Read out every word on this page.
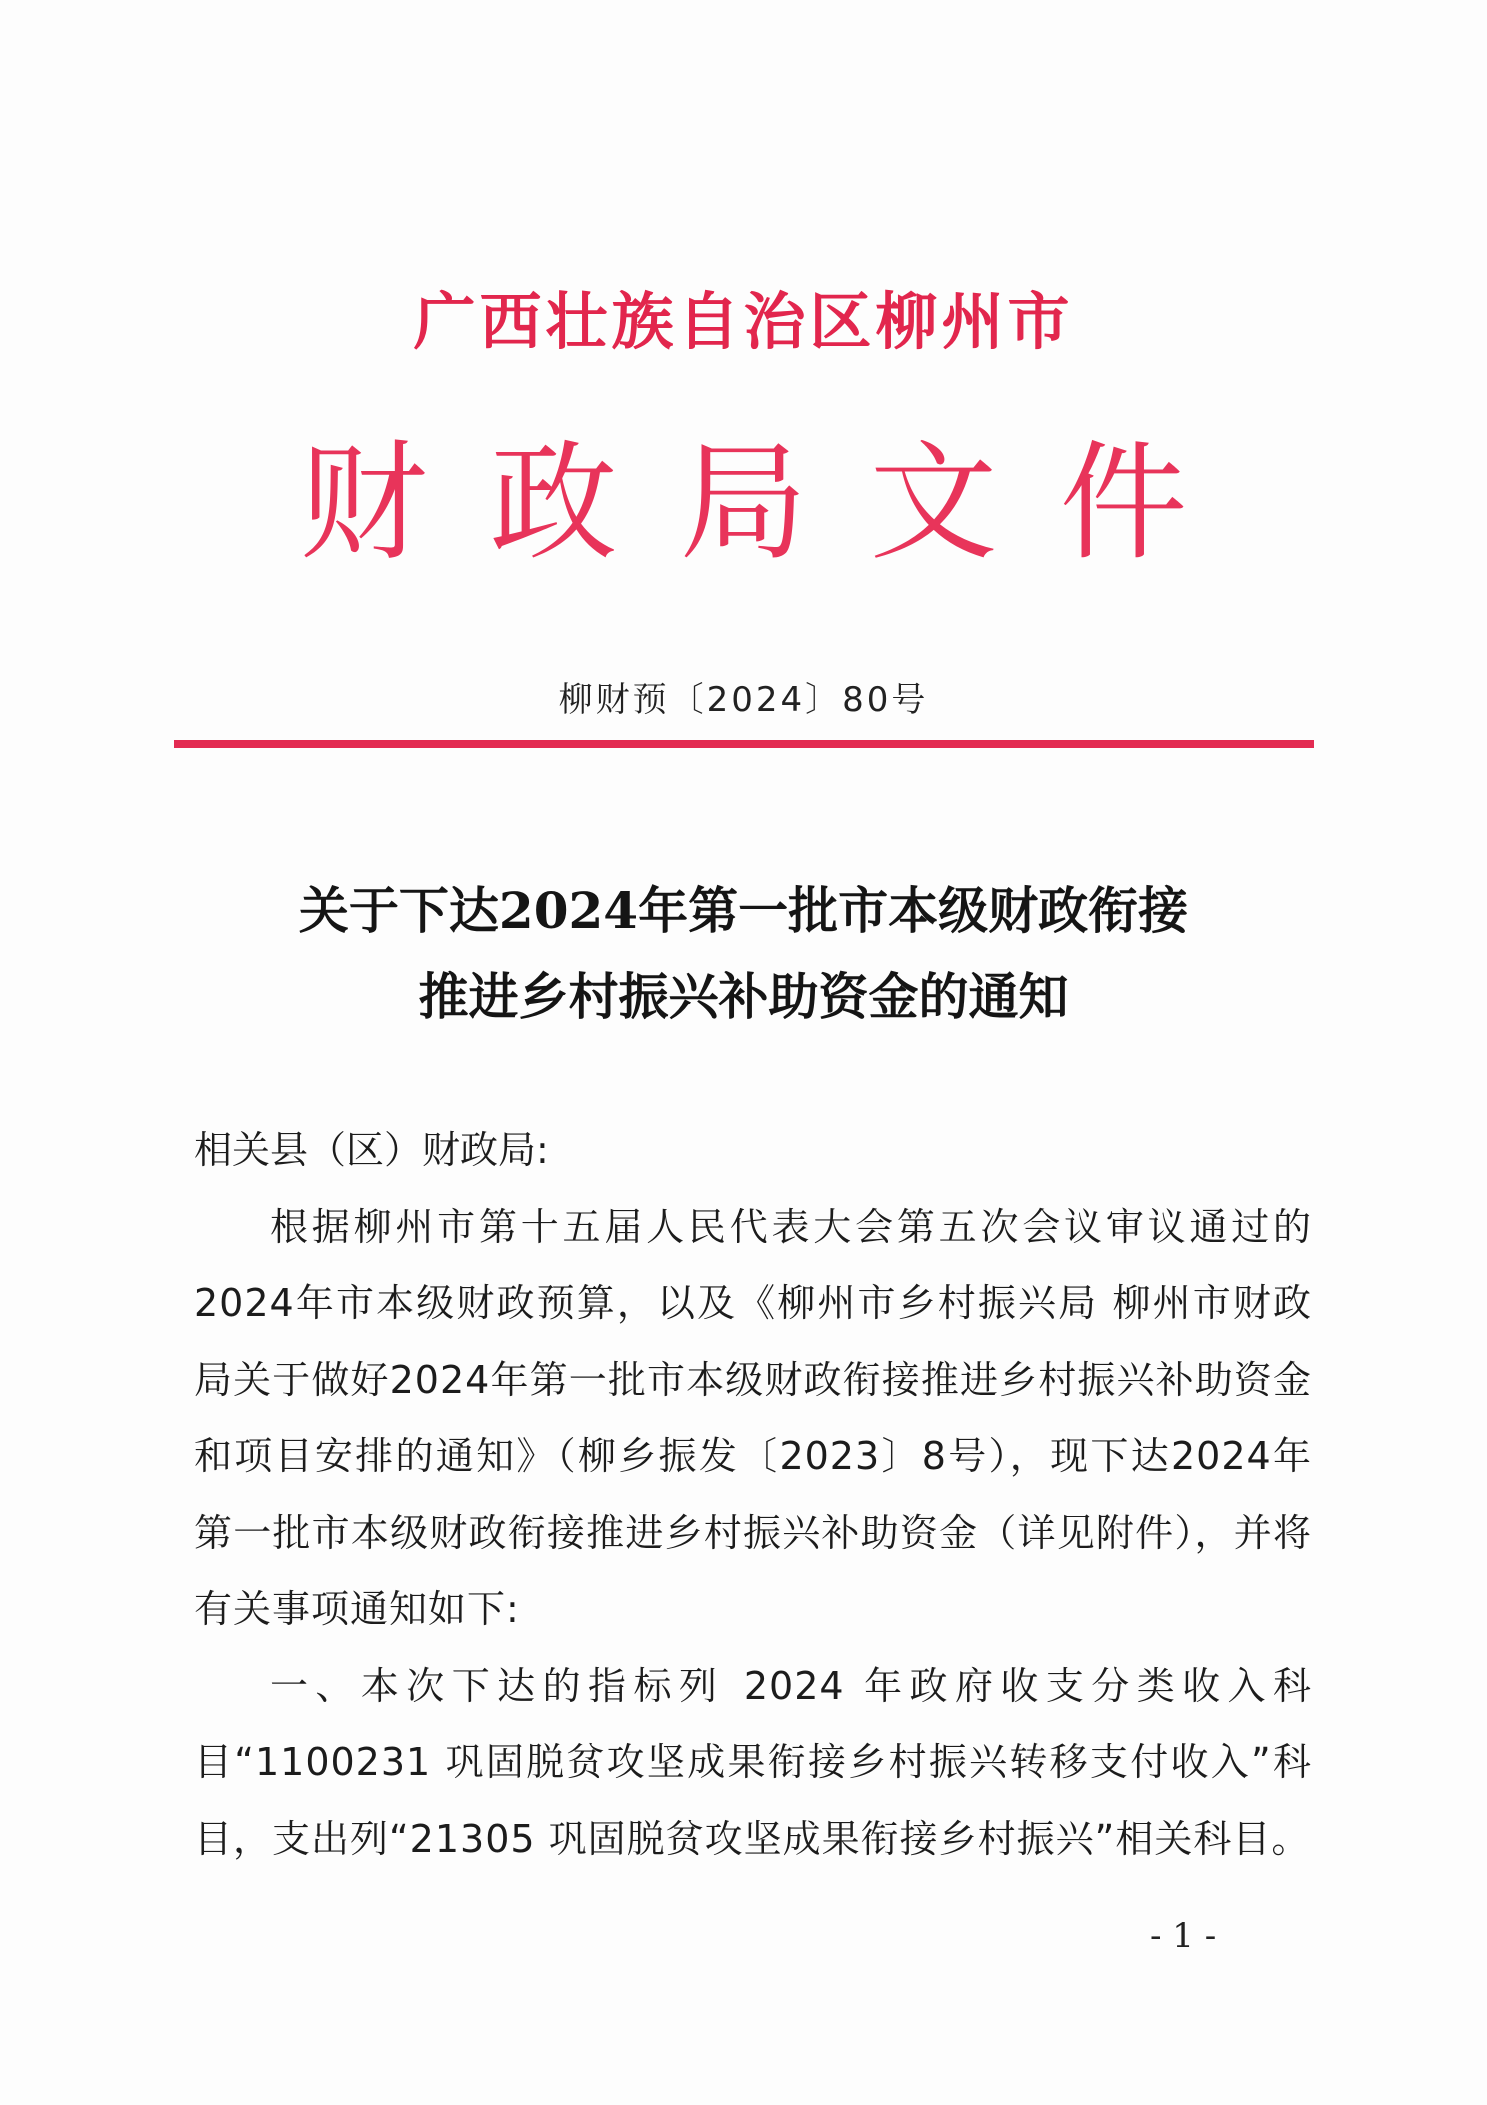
广西壮族自治区柳州市
财政局文件
柳财预〔2024〕80号
关于下达2024年第一批市本级财政衔接
推进乡村振兴补助资金的通知

相关县（区）财政局:

根据柳州市第十五届人民代表大会第五次会议审议通过的2024年市本级财政预算，以及《柳州市乡村振兴局 柳州市财政局关于做好2024年第一批市本级财政衔接推进乡村振兴补助资金和项目安排的通知》（柳乡振发〔2023〕8号），现下达2024年第一批市本级财政衔接推进乡村振兴补助资金（详见附件），并将有关事项通知如下:

一、本次下达的指标列 2024 年政府收支分类收入科目“1100231 巩固脱贫攻坚成果衔接乡村振兴转移支付收入”科目，支出列“21305 巩固脱贫攻坚成果衔接乡村振兴”相关科目。

- 1 -
